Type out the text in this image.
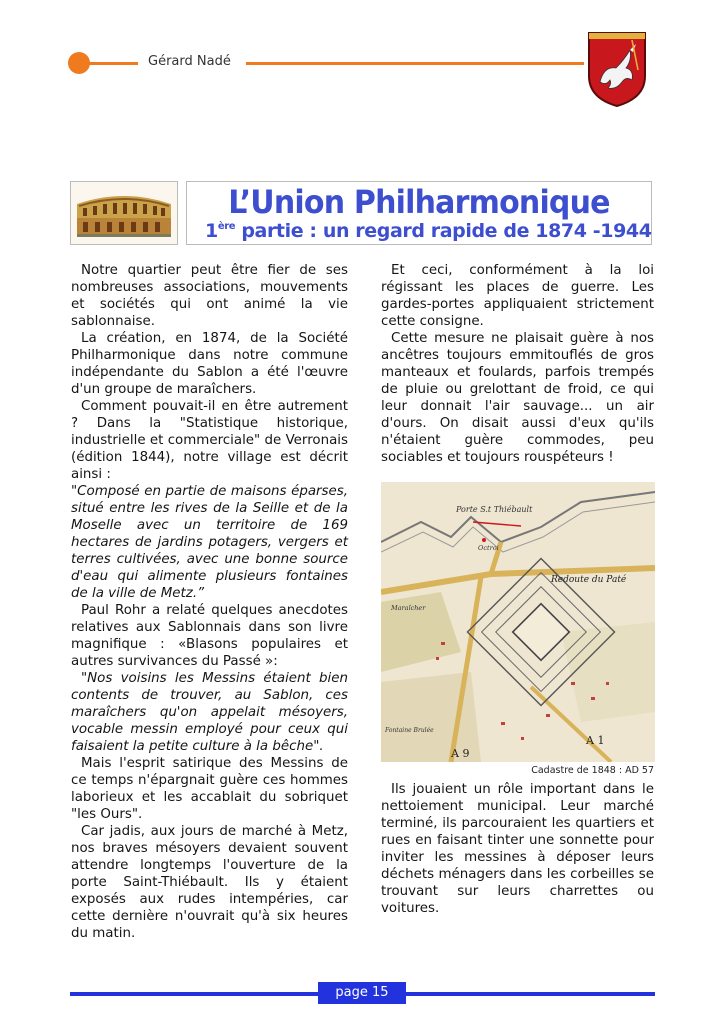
Gérard Nadé
L’Union Philharmonique
1ère partie : un regard rapide de 1874 -1944

Notre quartier peut être fier de ses nombreuses associations, mouvements et sociétés qui ont animé la vie sablonnaise.

La création, en 1874, de la Société Philharmonique dans notre commune indépendante du Sablon a été l'œuvre d'un groupe de maraîchers.

Comment pouvait-il en être autrement ? Dans la "Statistique historique, industrielle et commerciale" de Verronais (édition 1844), notre village est décrit ainsi :

"Composé en partie de maisons éparses, situé entre les rives de la Seille et de la Moselle avec un territoire de 169 hectares de jardins potagers, vergers et terres cultivées, avec une bonne source d'eau qui alimente plusieurs fontaines de la ville de Metz.”

Paul Rohr a relaté quelques anecdotes relatives aux Sablonnais dans son livre magnifique : «Blasons populaires et autres survivances du Passé »:

"Nos voisins les Messins étaient bien contents de trouver, au Sablon, ces maraîchers qu'on appelait mésoyers, vocable messin employé pour ceux qui faisaient la petite culture à la bêche".

Mais l'esprit satirique des Messins de ce temps n'épargnait guère ces hommes laborieux et les accablait du sobriquet "les Ours".

Car jadis, aux jours de marché à Metz, nos braves mésoyers devaient souvent attendre longtemps l'ouverture de la porte Saint-Thiébault. Ils y étaient exposés aux rudes intempéries, car cette dernière n'ouvrait qu'à six heures du matin.

Et ceci, conformément à la loi régissant les places de guerre. Les gardes-portes appliquaient strictement cette consigne.

Cette mesure ne plaisait guère à nos ancêtres toujours emmitouflés de gros manteaux et foulards, parfois trempés de pluie ou grelottant de froid, ce qui leur donnait l'air sauvage... un air d'ours. On disait aussi d'eux qu'ils n'étaient guère commodes, peu sociables et toujours rouspéteurs !

Porte S.t Thiébault
Octroi
Redoute du Paté
Maraîcher
Fontaine Brulée
A 9
A 1
Cadastre de 1848 : AD 57

Ils jouaient un rôle important dans le nettoiement municipal. Leur marché terminé, ils parcouraient les quartiers et rues en faisant tinter une sonnette pour inviter les messines à déposer leurs déchets ménagers dans les corbeilles se trouvant sur leurs charrettes ou voitures.

page 15
